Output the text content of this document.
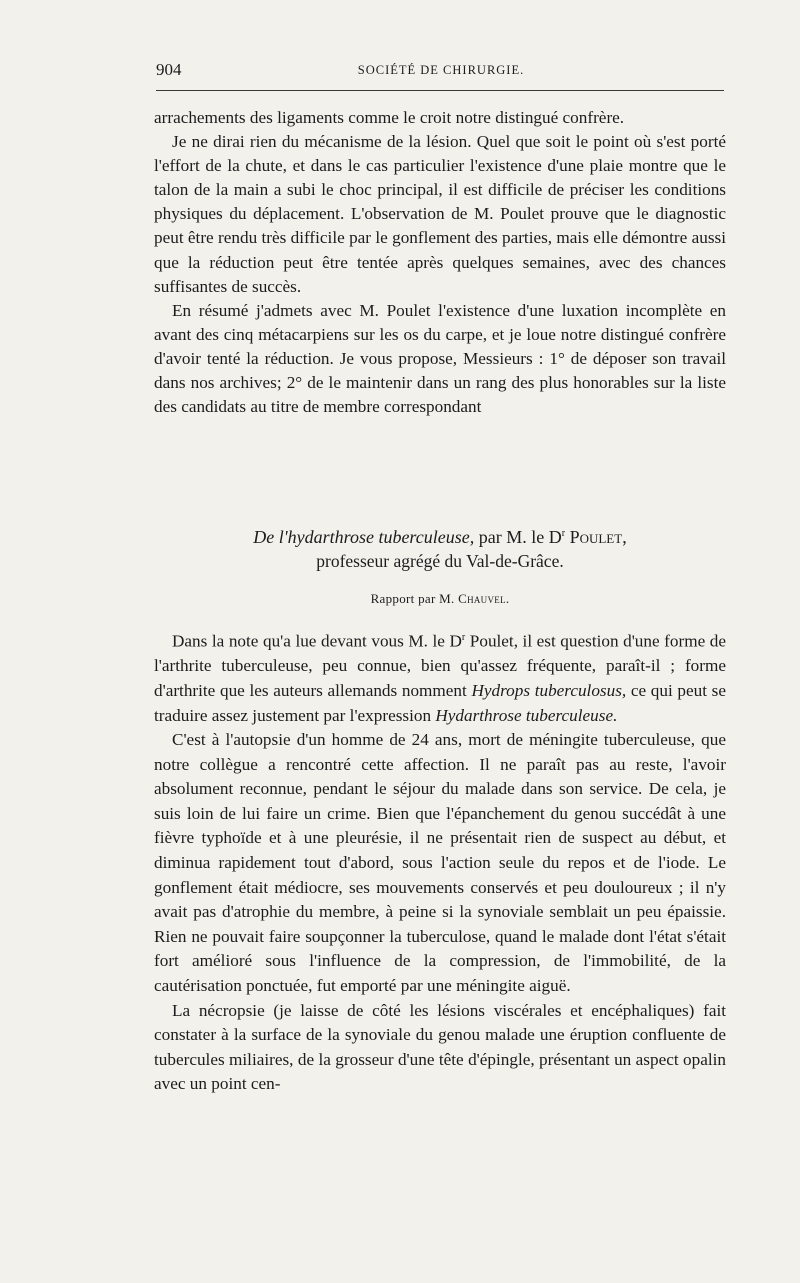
904	SOCIÉTÉ DE CHIRURGIE.

arrachements des ligaments comme le croit notre distingué confrère.

Je ne dirai rien du mécanisme de la lésion. Quel que soit le point où s'est porté l'effort de la chute, et dans le cas particulier l'existence d'une plaie montre que le talon de la main a subi le choc principal, il est difficile de préciser les conditions physiques du déplacement. L'observation de M. Poulet prouve que le diagnostic peut être rendu très difficile par le gonflement des parties, mais elle démontre aussi que la réduction peut être tentée après quelques semaines, avec des chances suffisantes de succès.

En résumé j'admets avec M. Poulet l'existence d'une luxation incomplète en avant des cinq métacarpiens sur les os du carpe, et je loue notre distingué confrère d'avoir tenté la réduction. Je vous propose, Messieurs : 1° de déposer son travail dans nos archives; 2° de le maintenir dans un rang des plus honorables sur la liste des candidats au titre de membre correspondant

De l'hydarthrose tuberculeuse, par M. le $D^r$ Poulet,
professeur agrégé du Val-de-Grâce.
Rapport par M. Chauvel.

Dans la note qu'a lue devant vous M. le $D^r$ Poulet, il est question d'une forme de l'arthrite tuberculeuse, peu connue, bien qu'assez fréquente, paraît-il ; forme d'arthrite que les auteurs allemands nomment Hydrops tuberculosus, ce qui peut se traduire assez justement par l'expression Hydarthrose tuberculeuse.

C'est à l'autopsie d'un homme de 24 ans, mort de méningite tuberculeuse, que notre collègue a rencontré cette affection. Il ne paraît pas au reste, l'avoir absolument reconnue, pendant le séjour du malade dans son service. De cela, je suis loin de lui faire un crime. Bien que l'épanchement du genou succédât à une fièvre typhoïde et à une pleurésie, il ne présentait rien de suspect au début, et diminua rapidement tout d'abord, sous l'action seule du repos et de l'iode. Le gonflement était médiocre, ses mouvements conservés et peu douloureux ; il n'y avait pas d'atrophie du membre, à peine si la synoviale semblait un peu épaissie. Rien ne pouvait faire soupçonner la tuberculose, quand le malade dont l'état s'était fort amélioré sous l'influence de la compression, de l'immobilité, de la cautérisation ponctuée, fut emporté par une méningite aiguë.

La nécropsie (je laisse de côté les lésions viscérales et encéphaliques) fait constater à la surface de la synoviale du genou malade une éruption confluente de tubercules miliaires, de la grosseur d'une tête d'épingle, présentant un aspect opalin avec un point cen-
